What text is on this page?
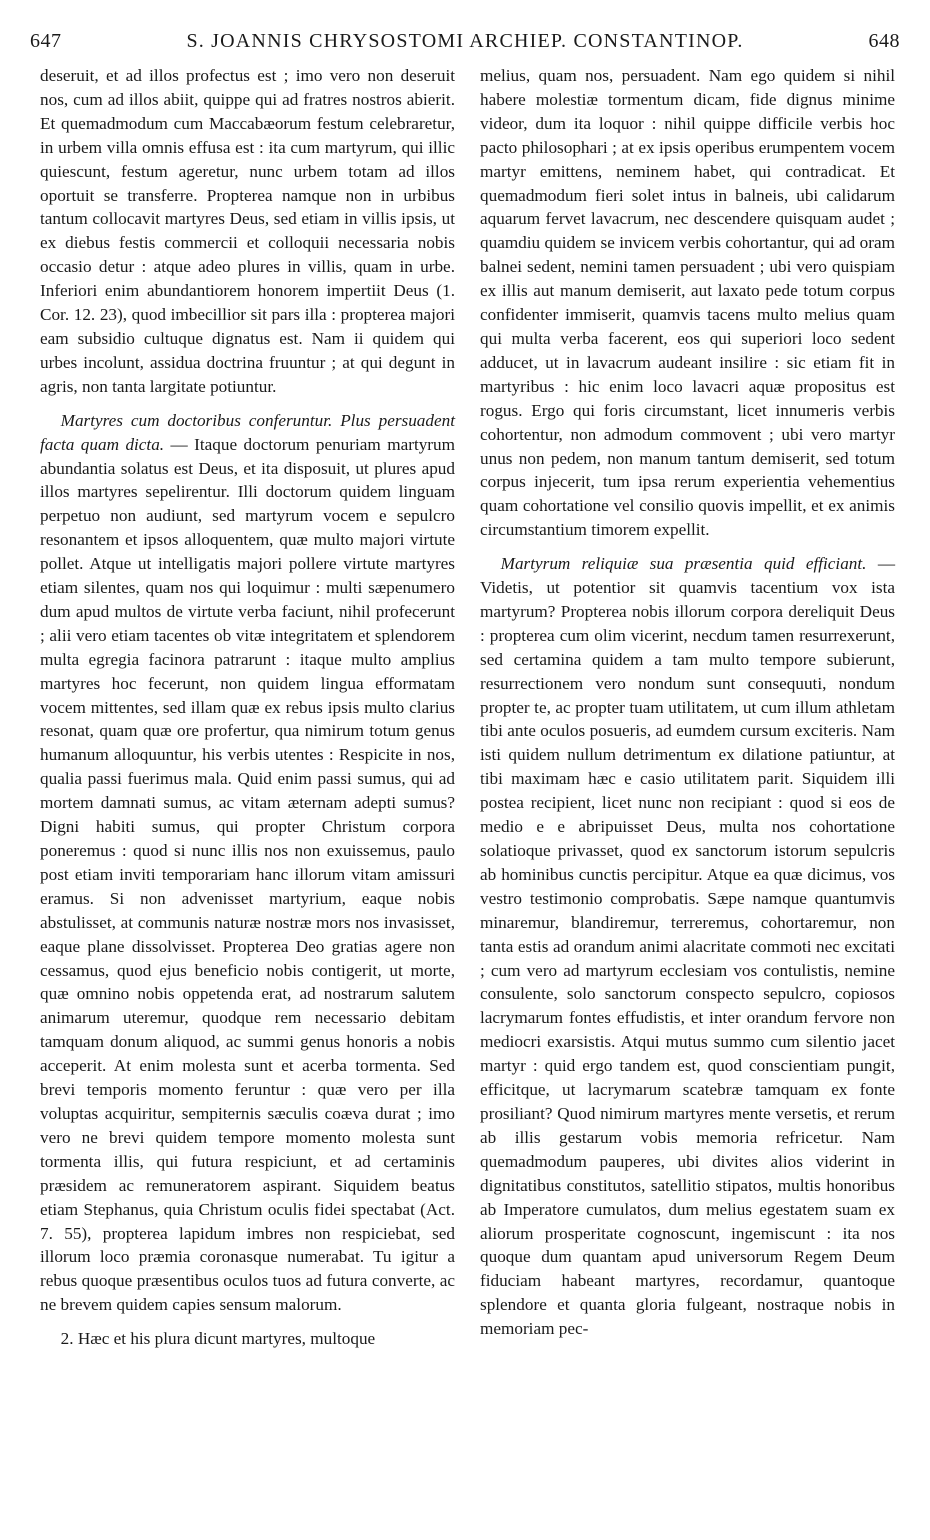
647	S. JOANNIS CHRYSOSTOMI ARCHIEP. CONSTANTINOP.	648

deseruit, et ad illos profectus est ; imo vero non deseruit nos, cum ad illos abiit, quippe qui ad fratres nostros abierit. Et quemadmodum cum Maccabæorum festum celebraretur, in urbem villa omnis effusa est : ita cum martyrum, qui illic quiescunt, festum ageretur, nunc urbem totam ad illos oportuit se transferre. Propterea namque non in urbibus tantum collocavit martyres Deus, sed etiam in villis ipsis, ut ex diebus festis commercii et colloquii necessaria nobis occasio detur : atque adeo plures in villis, quam in urbe. Inferiori enim abundantiorem honorem impertiit Deus (1. Cor. 12. 23), quod imbecillior sit pars illa : propterea majori eam subsidio cultuque dignatus est. Nam ii quidem qui urbes incolunt, assidua doctrina fruuntur ; at qui degunt in agris, non tanta largitate potiuntur.

Martyres cum doctoribus conferuntur. Plus persuadent facta quam dicta. — Itaque doctorum penuriam martyrum abundantia solatus est Deus, et ita disposuit, ut plures apud illos martyres sepelirentur. Illi doctorum quidem linguam perpetuo non audiunt, sed martyrum vocem e sepulcro resonantem et ipsos alloquentem, quæ multo majori virtute pollet. Atque ut intelligatis majori pollere virtute martyres etiam silentes, quam nos qui loquimur : multi sæpenumero dum apud multos de virtute verba faciunt, nihil profecerunt ; alii vero etiam tacentes ob vitæ integritatem et splendorem multa egregia facinora patrarunt : itaque multo amplius martyres hoc fecerunt, non quidem lingua efformatam vocem mittentes, sed illam quæ ex rebus ipsis multo clarius resonat, quam quæ ore profertur, qua nimirum totum genus humanum alloquuntur, his verbis utentes : Respicite in nos, qualia passi fuerimus mala. Quid enim passi sumus, qui ad mortem damnati sumus, ac vitam æternam adepti sumus? Digni habiti sumus, qui propter Christum corpora poneremus : quod si nunc illis nos non exuissemus, paulo post etiam inviti temporariam hanc illorum vitam amissuri eramus. Si non advenisset martyrium, eaque nobis abstulisset, at communis naturæ nostræ mors nos invasisset, eaque plane dissolvisset. Propterea Deo gratias agere non cessamus, quod ejus beneficio nobis contigerit, ut morte, quæ omnino nobis oppetenda erat, ad nostrarum salutem animarum uteremur, quodque rem necessario debitam tamquam donum aliquod, ac summi genus honoris a nobis acceperit. At enim molesta sunt et acerba tormenta. Sed brevi temporis momento feruntur : quæ vero per illa voluptas acquiritur, sempiternis sæculis coæva durat ; imo vero ne brevi quidem tempore momento molesta sunt tormenta illis, qui futura respiciunt, et ad certaminis præsidem ac remuneratorem aspirant. Siquidem beatus etiam Stephanus, quia Christum oculis fidei spectabat (Act. 7. 55), propterea lapidum imbres non respiciebat, sed illorum loco præmia coronasque numerabat. Tu igitur a rebus quoque præsentibus oculos tuos ad futura converte, ac ne brevem quidem capies sensum malorum.

2. Hæc et his plura dicunt martyres, multoque

melius, quam nos, persuadent. Nam ego quidem si nihil habere molestiæ tormentum dicam, fide dignus minime videor, dum ita loquor : nihil quippe difficile verbis hoc pacto philosophari ; at ex ipsis operibus erumpentem vocem martyr emittens, neminem habet, qui contradicat. Et quemadmodum fieri solet intus in balneis, ubi calidarum aquarum fervet lavacrum, nec descendere quisquam audet ; quamdiu quidem se invicem verbis cohortantur, qui ad oram balnei sedent, nemini tamen persuadent ; ubi vero quispiam ex illis aut manum demiserit, aut laxato pede totum corpus confidenter immiserit, quamvis tacens multo melius quam qui multa verba facerent, eos qui superiori loco sedent adducet, ut in lavacrum audeant insilire : sic etiam fit in martyribus : hic enim loco lavacri aquæ propositus est rogus. Ergo qui foris circumstant, licet innumeris verbis cohortentur, non admodum commovent ; ubi vero martyr unus non pedem, non manum tantum demiserit, sed totum corpus injecerit, tum ipsa rerum experientia vehementius quam cohortatione vel consilio quovis impellit, et ex animis circumstantium timorem expellit.

Martyrum reliquiæ sua præsentia quid efficiant. — Videtis, ut potentior sit quamvis tacentium vox ista martyrum? Propterea nobis illorum corpora dereliquit Deus : propterea cum olim vicerint, necdum tamen resurrexerunt, sed certamina quidem a tam multo tempore subierunt, resurrectionem vero nondum sunt consequuti, nondum propter te, ac propter tuam utilitatem, ut cum illum athletam tibi ante oculos posueris, ad eumdem cursum exciteris. Nam isti quidem nullum detrimentum ex dilatione patiuntur, at tibi maximam hæc e casio utilitatem parit. Siquidem illi postea recipient, licet nunc non recipiant : quod si eos de medio e e abripuisset Deus, multa nos cohortatione solatioque privasset, quod ex sanctorum istorum sepulcris ab hominibus cunctis percipitur. Atque ea quæ dicimus, vos vestro testimonio comprobatis. Sæpe namque quantumvis minaremur, blandiremur, terreremus, cohortaremur, non tanta estis ad orandum animi alacritate commoti nec excitati ; cum vero ad martyrum ecclesiam vos contulistis, nemine consulente, solo sanctorum conspecto sepulcro, copiosos lacrymarum fontes effudistis, et inter orandum fervore non mediocri exarsistis. Atqui mutus summo cum silentio jacet martyr : quid ergo tandem est, quod conscientiam pungit, efficitque, ut lacrymarum scatebræ tamquam ex fonte prosiliant? Quod nimirum martyres mente versetis, et rerum ab illis gestarum vobis memoria refricetur. Nam quemadmodum pauperes, ubi divites alios viderint in dignitatibus constitutos, satellitio stipatos, multis honoribus ab Imperatore cumulatos, dum melius egestatem suam ex aliorum prosperitate cognoscunt, ingemiscunt : ita nos quoque dum quantam apud universorum Regem Deum fiduciam habeant martyres, recordamur, quantoque splendore et quanta gloria fulgeant, nostraque nobis in memoriam pec-
